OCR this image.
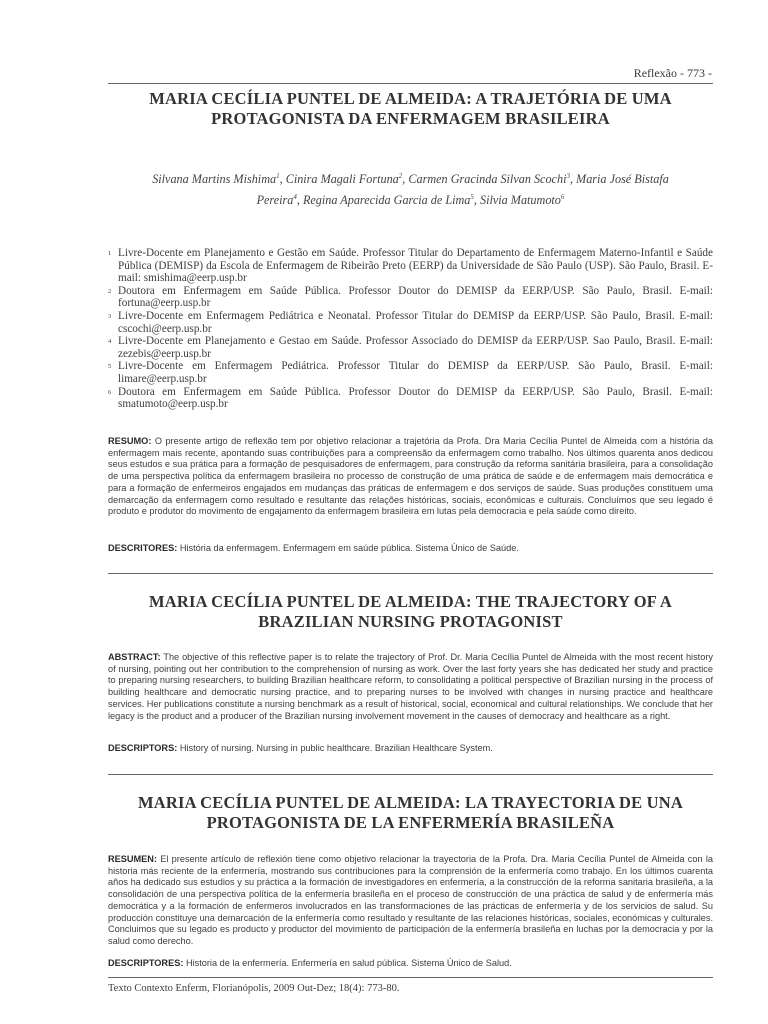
Reflexão - 773 -
MARIA CECÍLIA PUNTEL DE ALMEIDA: A TRAJETÓRIA DE UMA
PROTAGONISTA DA ENFERMAGEM BRASILEIRA
Silvana Martins Mishima$^1$, Cinira Magali Fortuna$^2$, Carmen Gracinda Silvan Scochi$^3$, Maria José Bistafa
Pereira$^4$, Regina Aparecida Garcia de Lima$^5$, Silvia Matumoto$^6$
1 Livre-Docente em Planejamento e Gestão em Saúde. Professor Titular do Departamento de Enfermagem Materno-Infantil e Saúde Pública (DEMISP) da Escola de Enfermagem de Ribeirão Preto (EERP) da Universidade de São Paulo (USP). São Paulo, Brasil. E-mail: smishima@eerp.usp.br
2 Doutora em Enfermagem em Saúde Pública. Professor Doutor do DEMISP da EERP/USP. São Paulo, Brasil. E-mail: fortuna@eerp.usp.br
3 Livre-Docente em Enfermagem Pediátrica e Neonatal. Professor Titular do DEMISP da EERP/USP. São Paulo, Brasil. E-mail: cscochi@eerp.usp.br
4 Livre-Docente em Planejamento e Gestao em Saúde. Professor Associado do DEMISP da EERP/USP. Sao Paulo, Brasil. E-mail: zezebis@eerp.usp.br
5 Livre-Docente em Enfermagem Pediátrica. Professor Titular do DEMISP da EERP/USP. São Paulo, Brasil. E-mail: limare@eerp.usp.br
6 Doutora em Enfermagem em Saúde Pública. Professor Doutor do DEMISP da EERP/USP. São Paulo, Brasil. E-mail: smatumoto@eerp.usp.br
RESUMO: O presente artigo de reflexão tem por objetivo relacionar a trajetória da Profa. Dra Maria Cecília Puntel de Almeida com a história da enfermagem mais recente, apontando suas contribuições para a compreensão da enfermagem como trabalho. Nos últimos quarenta anos dedicou seus estudos e sua prática para a formação de pesquisadores de enfermagem, para construção da reforma sanitária brasileira, para a consolidação de uma perspectiva política da enfermagem brasileira no processo de construção de uma prática de saúde e de enfermagem mais democrática e para a formação de enfermeiros engajados em mudanças das práticas de enfermagem e dos serviços de saúde. Suas produções constituem uma demarcação da enfermagem como resultado e resultante das relações históricas, sociais, econômicas e culturais. Concluímos que seu legado é produto e produtor do movimento de engajamento da enfermagem brasileira em lutas pela democracia e pela saúde como direito.
DESCRITORES: História da enfermagem. Enfermagem em saúde pública. Sistema Único de Saúde.
MARIA CECÍLIA PUNTEL DE ALMEIDA: THE TRAJECTORY OF A
BRAZILIAN NURSING PROTAGONIST
ABSTRACT: The objective of this reflective paper is to relate the trajectory of Prof. Dr. Maria Cecília Puntel de Almeida with the most recent history of nursing, pointing out her contribution to the comprehension of nursing as work. Over the last forty years she has dedicated her study and practice to preparing nursing researchers, to building Brazilian healthcare reform, to consolidating a political perspective of Brazilian nursing in the process of building healthcare and democratic nursing practice, and to preparing nurses to be involved with changes in nursing practice and healthcare services. Her publications constitute a nursing benchmark as a result of historical, social, economical and cultural relationships. We conclude that her legacy is the product and a producer of the Brazilian nursing involvement movement in the causes of democracy and healthcare as a right.
DESCRIPTORS: History of nursing. Nursing in public healthcare. Brazilian Healthcare System.
MARIA CECÍLIA PUNTEL DE ALMEIDA: LA TRAYECTORIA DE UNA
PROTAGONISTA DE LA ENFERMERÍA BRASILEÑA
RESUMEN: El presente artículo de reflexión tiene como objetivo relacionar la trayectoria de la Profa. Dra. Maria Cecília Puntel de Almeida con la historia más reciente de la enfermería, mostrando sus contribuciones para la comprensión de la enfermería como trabajo. En los últimos cuarenta años ha dedicado sus estudios y su práctica a la formación de investigadores en enfermería, a la construcción de la reforma sanitaria brasileña, a la consolidación de una perspectiva política de la enfermería brasileña en el proceso de construcción de una práctica de salud y de enfermería más democrática y a la formación de enfermeros involucrados en las transformaciones de las prácticas de enfermería y de los servicios de salud. Su producción constituye una demarcación de la enfermería como resultado y resultante de las relaciones históricas, sociales, económicas y culturales. Concluimos que su legado es producto y productor del movimiento de participación de la enfermería brasileña en luchas por la democracia y por la salud como derecho.
DESCRIPTORES: Historia de la enfermería. Enfermería en salud pública. Sistema Único de Salud.
Texto Contexto Enferm, Florianópolis, 2009 Out-Dez; 18(4): 773-80.
